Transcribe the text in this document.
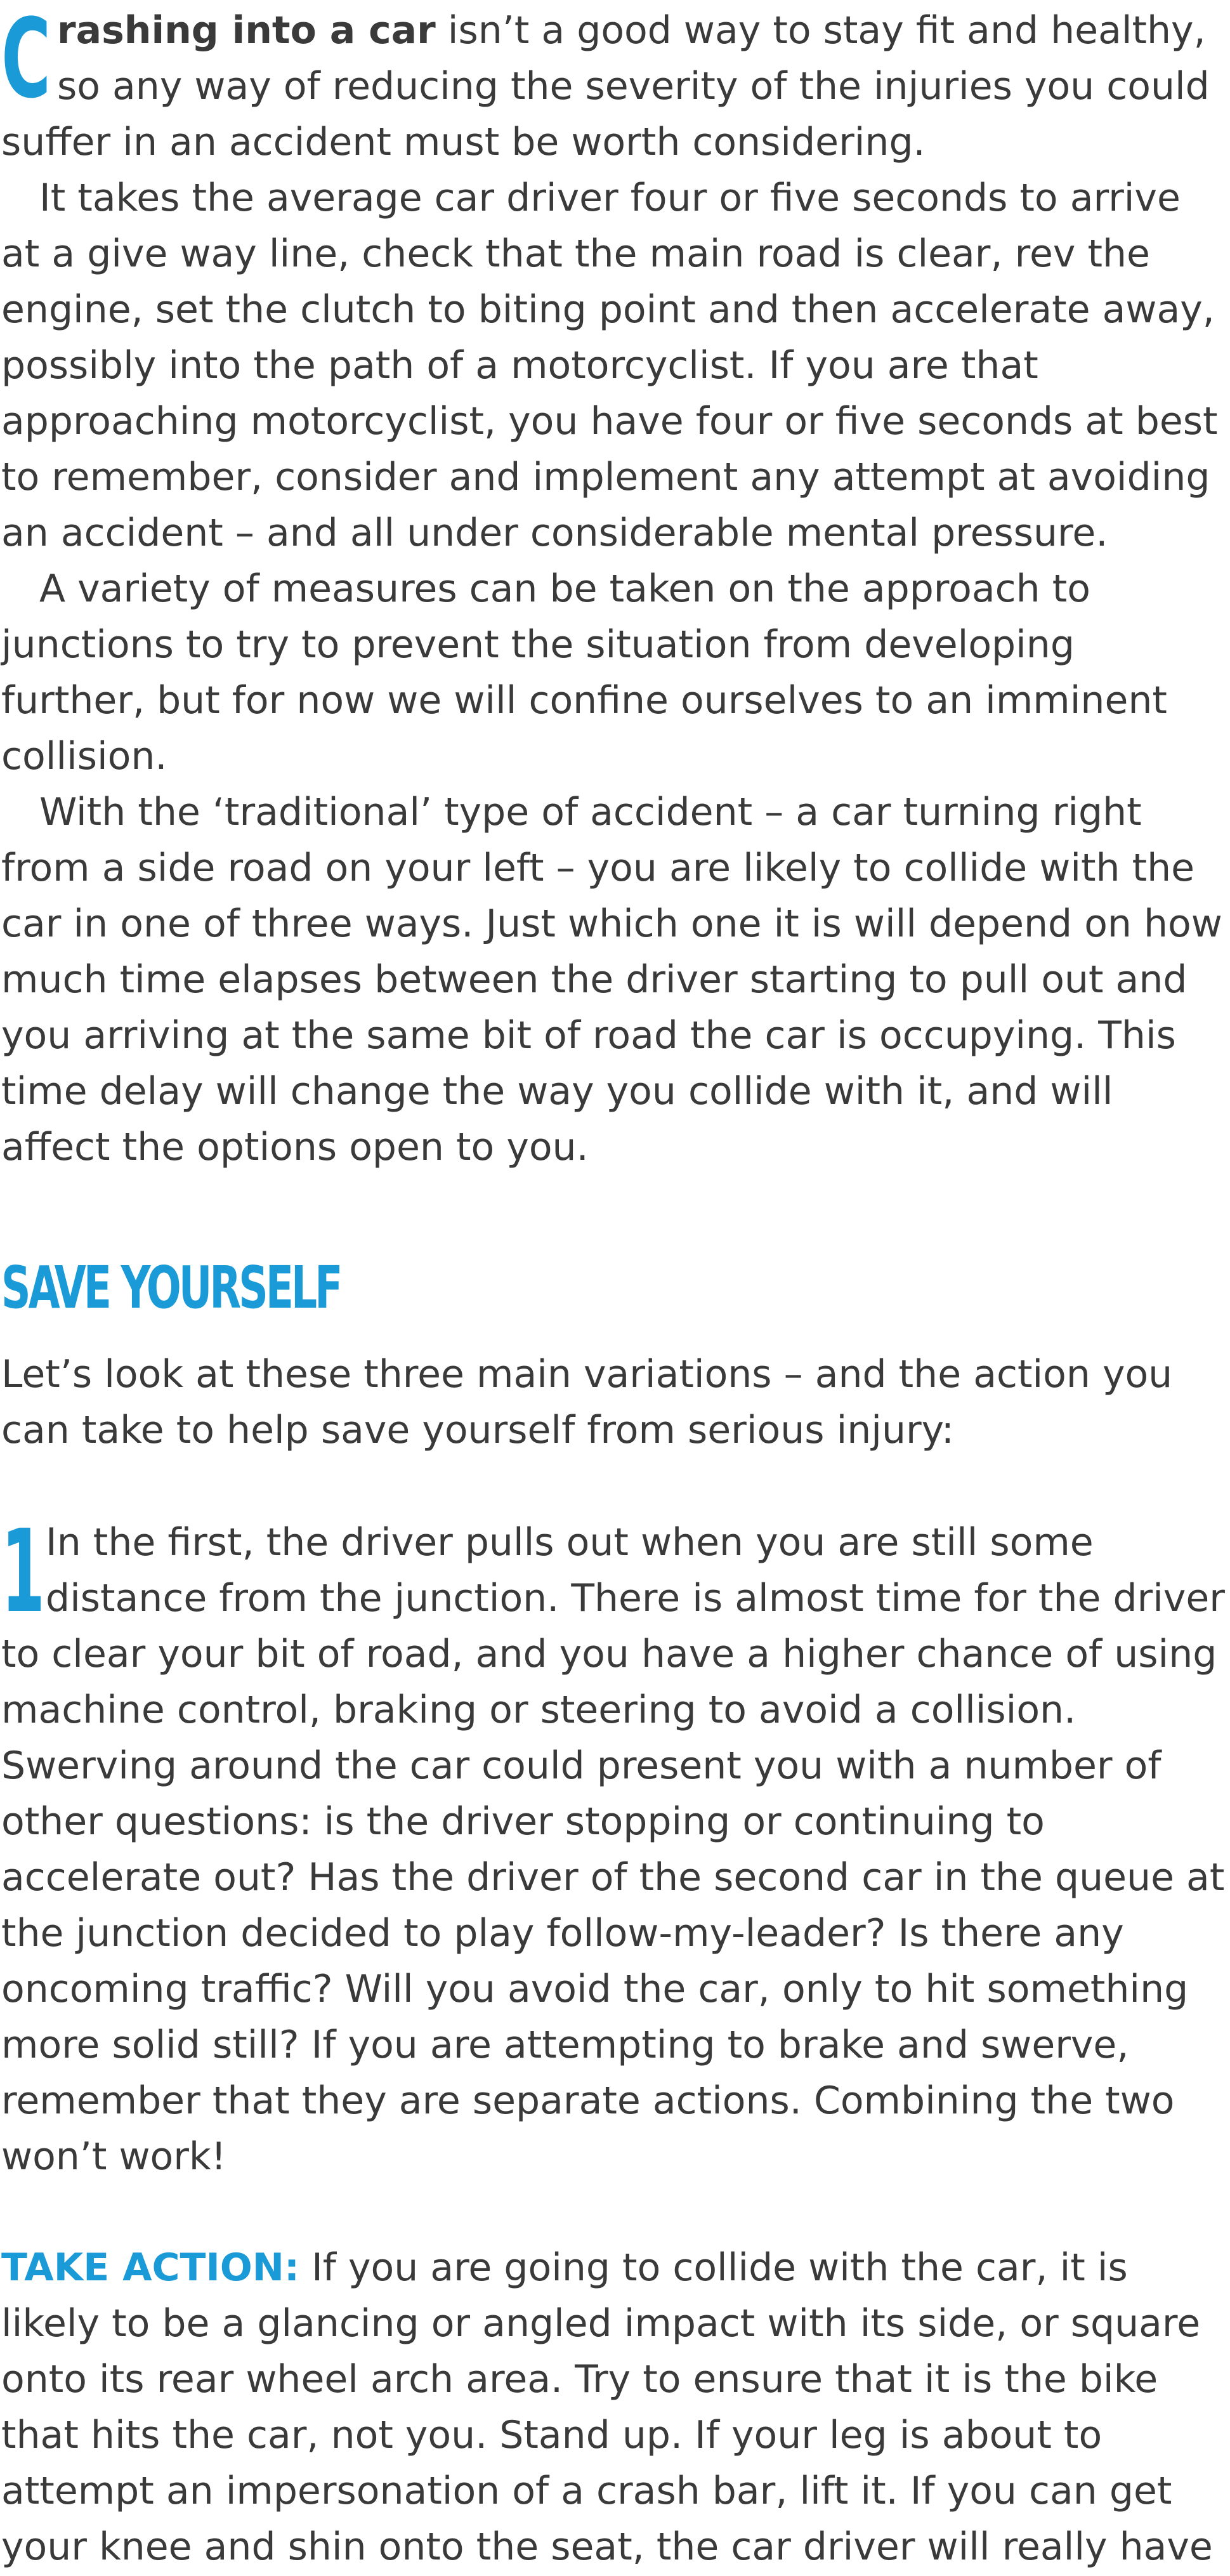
Crashing into a car isn’t a good way to stay fit and healthy, so any way of reducing the severity of the injuries you could suffer in an accident must be worth considering.

It takes the average car driver four or five seconds to arrive at a give way line, check that the main road is clear, rev the engine, set the clutch to biting point and then accelerate away, possibly into the path of a motorcyclist. If you are that approaching motorcyclist, you have four or five seconds at best to remember, consider and implement any attempt at avoiding an accident – and all under considerable mental pressure.

A variety of measures can be taken on the approach to junctions to try to prevent the situation from developing further, but for now we will confine ourselves to an imminent collision.

With the ‘traditional’ type of accident – a car turning right from a side road on your left – you are likely to collide with the car in one of three ways. Just which one it is will depend on how much time elapses between the driver starting to pull out and you arriving at the same bit of road the car is occupying. This time delay will change the way you collide with it, and will affect the options open to you.

SAVE YOURSELF

Let’s look at these three main variations – and the action you can take to help save yourself from serious injury:

1 In the first, the driver pulls out when you are still some distance from the junction. There is almost time for the driver to clear your bit of road, and you have a higher chance of using machine control, braking or steering to avoid a collision. Swerving around the car could present you with a number of other questions: is the driver stopping or continuing to accelerate out? Has the driver of the second car in the queue at the junction decided to play follow-my-leader? Is there any oncoming traffic? Will you avoid the car, only to hit something more solid still? If you are attempting to brake and swerve, remember that they are separate actions. Combining the two won’t work!

TAKE ACTION: If you are going to collide with the car, it is likely to be a glancing or angled impact with its side, or square onto its rear wheel arch area. Try to ensure that it is the bike that hits the car, not you. Stand up. If your leg is about to attempt an impersonation of a crash bar, lift it. If you can get your knee and shin onto the seat, the car driver will really have
